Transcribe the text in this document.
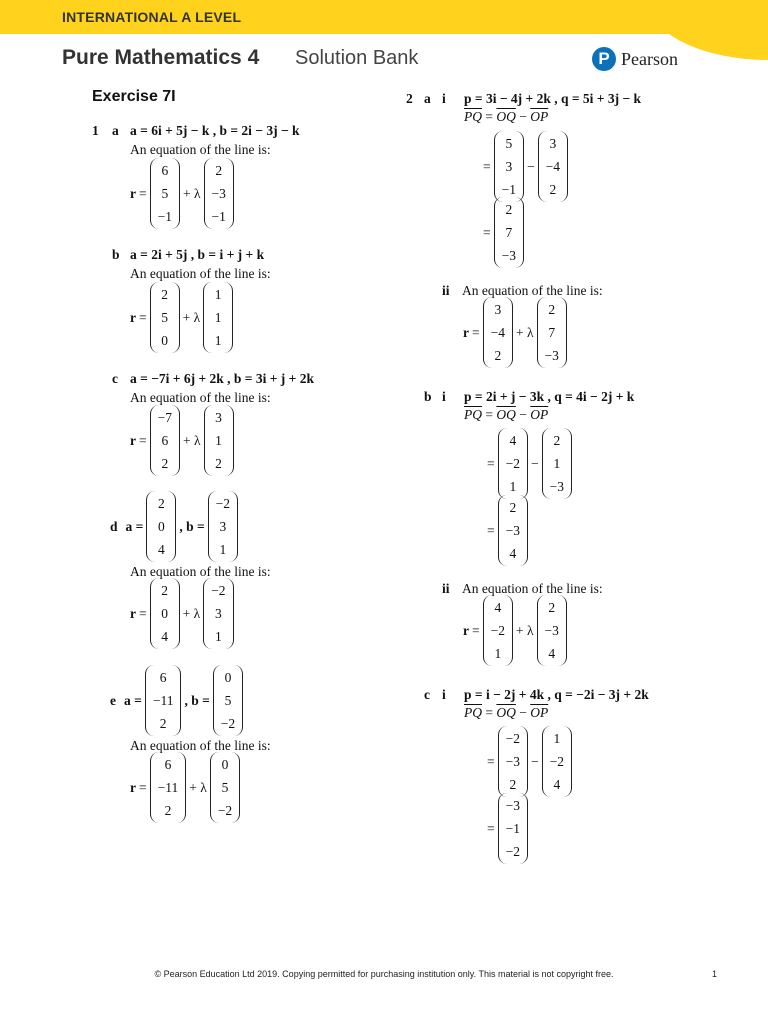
INTERNATIONAL A LEVEL
Pure Mathematics 4 Solution Bank	P Pearson
Exercise 7I
1 a a = 6i + 5j − k , b = 2i − 3j − k
An equation of the line is:
r =
6
5
−1
+ λ
2
−3
−1
b a = 2i + 5j , b = i + j + k
An equation of the line is:
r =
2
5
0
+ λ
1
1
1
c a = −7i + 6j + 2k , b = 3i + j + 2k
An equation of the line is:
r =
−7
6
2
+ λ
3
1
2
d a =
2
0
4
, b =
−2
3
1
An equation of the line is:
r =
2
0
4
+ λ
−2
3
1
e a =
6
−11
2
, b =
0
5
−2
An equation of the line is:
r =
6
−11
2
+ λ
0
5
−2
2 a i p = 3i − 4j + 2k , q = 5i + 3j − k
$\overline{PQ} = \overline{OQ} - \overline{OP}$
=
5
3
−1
−
3
−4
2
=
2
7
−3
ii An equation of the line is:
r =
3
−4
2
+ λ
2
7
−3
b i p = 2i + j − 3k , q = 4i − 2j + k
$\overline{PQ} = \overline{OQ} - \overline{OP}$
=
4
−2
1
−
2
1
−3
=
2
−3
4
ii An equation of the line is:
r =
4
−2
1
+ λ
2
−3
4
c i p = i − 2j + 4k , q = −2i − 3j + 2k
$\overline{PQ} = \overline{OQ} - \overline{OP}$
=
−2
−3
2
−
1
−2
4
=
−3
−1
−2
© Pearson Education Ltd 2019. Copying permitted for purchasing institution only. This material is not copyright free.	1
